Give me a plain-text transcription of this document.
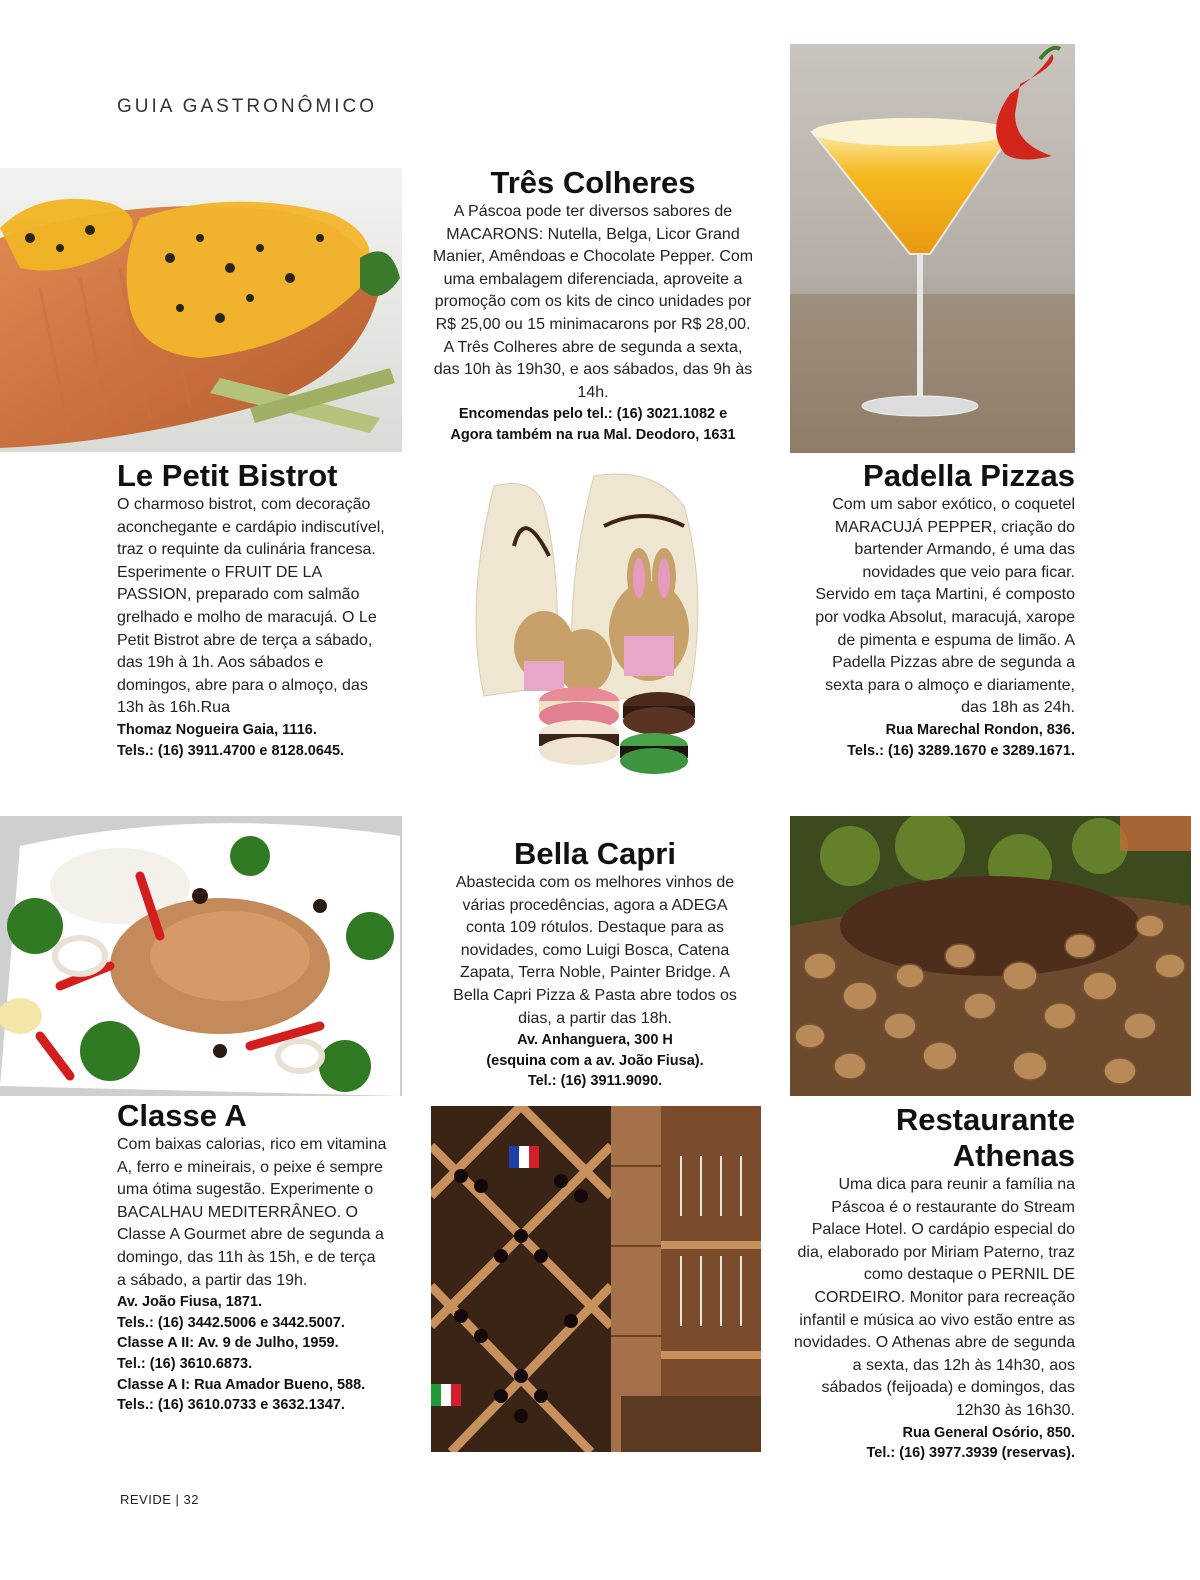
GUIA GASTRONÔMICO
Três Colheres
A Páscoa pode ter diversos sabores de MACARONS: Nutella, Belga, Licor Grand Manier, Amêndoas e Chocolate Pepper. Com uma embalagem diferenciada, aproveite a promoção com os kits de cinco unidades por R$ 25,00 ou 15 minimacarons por R$ 28,00. A Três Colheres abre de segunda a sexta, das 10h às 19h30, e aos sábados, das 9h às 14h.
Encomendas pelo tel.: (16) 3021.1082 e
Agora também na rua Mal. Deodoro, 1631
Le Petit Bistrot
O charmoso bistrot, com decoração aconchegante e cardápio indiscutível, traz o requinte da culinária francesa. Esperimente o FRUIT DE LA PASSION, preparado com salmão grelhado e molho de maracujá. O Le Petit Bistrot abre de terça a sábado, das 19h à 1h. Aos sábados e domingos, abre para o almoço, das 13h às 16h.Rua
Thomaz Nogueira Gaia, 1116.
Tels.: (16) 3911.4700 e 8128.0645.
Padella Pizzas
Com um sabor exótico, o coquetel MARACUJÁ PEPPER, criação do bartender Armando, é uma das novidades que veio para ficar. Servido em taça Martini, é composto por vodka Absolut, maracujá, xarope de pimenta e espuma de limão. A Padella Pizzas abre de segunda a sexta para o almoço e diariamente, das 18h as 24h.
Rua Marechal Rondon, 836.
Tels.: (16) 3289.1670 e 3289.1671.
Bella Capri
Abastecida com os melhores vinhos de várias procedências, agora a ADEGA conta 109 rótulos. Destaque para as novidades, como Luigi Bosca, Catena Zapata, Terra Noble, Painter Bridge. A Bella Capri Pizza & Pasta abre todos os dias, a partir das 18h.
Av. Anhanguera, 300 H
(esquina com a av. João Fiusa).
Tel.: (16) 3911.9090.
Classe A
Com baixas calorias, rico em vitamina A, ferro e mineirais, o peixe é sempre uma ótima sugestão. Experimente o BACALHAU MEDITERRÂNEO. O Classe A Gourmet abre de segunda a domingo, das 11h às 15h, e de terça a sábado, a partir das 19h.
Av. João Fiusa, 1871.
Tels.: (16) 3442.5006 e 3442.5007.
Classe A II: Av. 9 de Julho, 1959.
Tel.: (16) 3610.6873.
Classe A I: Rua Amador Bueno, 588.
Tels.: (16) 3610.0733 e 3632.1347.
Restaurante
Athenas
Uma dica para reunir a família na Páscoa é o restaurante do Stream Palace Hotel. O cardápio especial do dia, elaborado por Miriam Paterno, traz como destaque o PERNIL DE CORDEIRO. Monitor para recreação infantil e música ao vivo estão entre as novidades. O Athenas abre de segunda a sexta, das 12h às 14h30, aos sábados (feijoada) e domingos, das 12h30 às 16h30.
Rua General Osório, 850.
Tel.: (16) 3977.3939 (reservas).
REVIDE | 32
